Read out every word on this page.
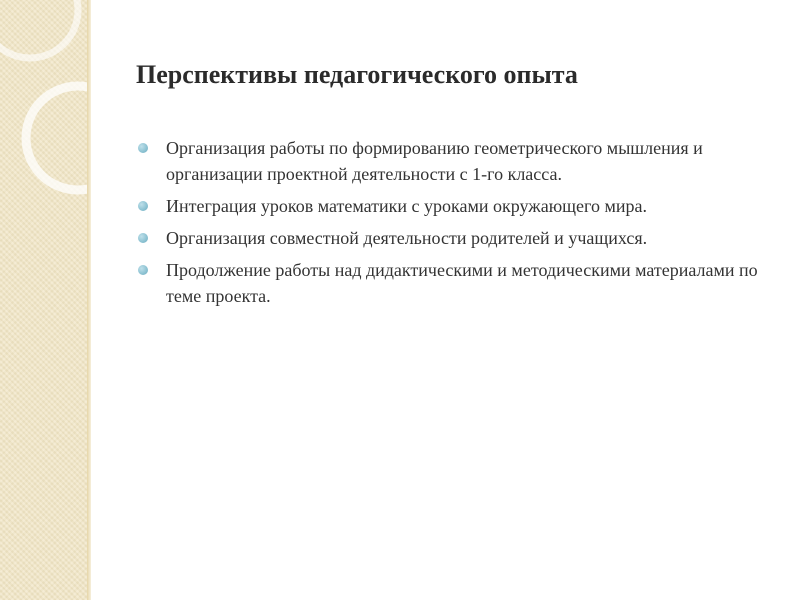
Перспективы педагогического опыта
Организация работы по формированию геометрического мышления и организации проектной деятельности с 1-го класса.
Интеграция уроков математики с уроками окружающего мира.
Организация совместной деятельности родителей и учащихся.
Продолжение работы над дидактическими и методическими материалами по теме проекта.
